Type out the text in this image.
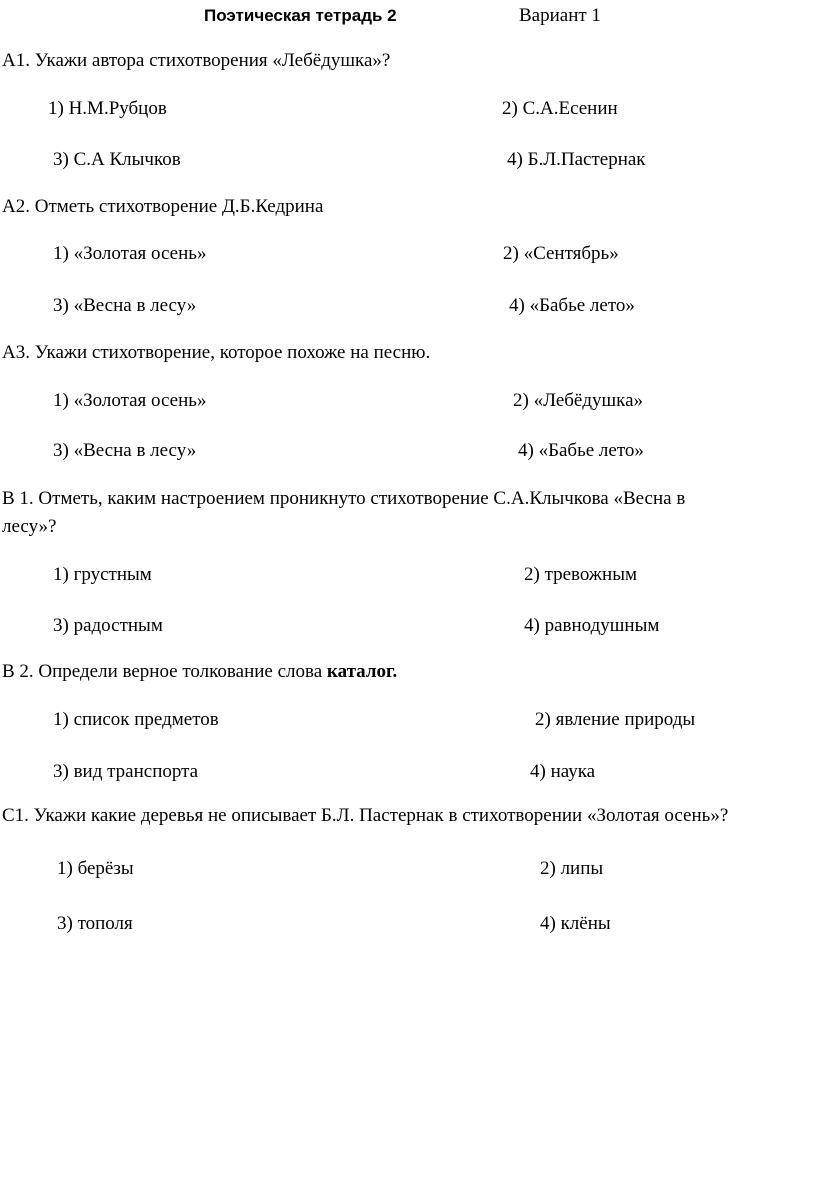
Поэтическая тетрадь 2	Вариант 1
А1. Укажи автора стихотворения «Лебёдушка»?
1) Н.М.Рубцов	2) С.А.Есенин
3) С.А Клычков	4) Б.Л.Пастернак
А2. Отметь стихотворение Д.Б.Кедрина
1) «Золотая осень»	2) «Сентябрь»
3) «Весна в лесу»	4) «Бабье лето»
А3. Укажи стихотворение, которое похоже на песню.
1) «Золотая осень»	2) «Лебёдушка»
3) «Весна в лесу»	4) «Бабье лето»
В 1. Отметь, каким настроением проникнуто стихотворение С.А.Клычкова «Весна в
лесу»?
1) грустным	2) тревожным
3) радостным	4) равнодушным
В 2. Определи верное толкование слова каталог.
1) список предметов	2) явление природы
3) вид транспорта	4) наука
С1. Укажи какие деревья не описывает Б.Л. Пастернак в стихотворении «Золотая осень»?
1) берёзы	2) липы
3) тополя	4) клёны
